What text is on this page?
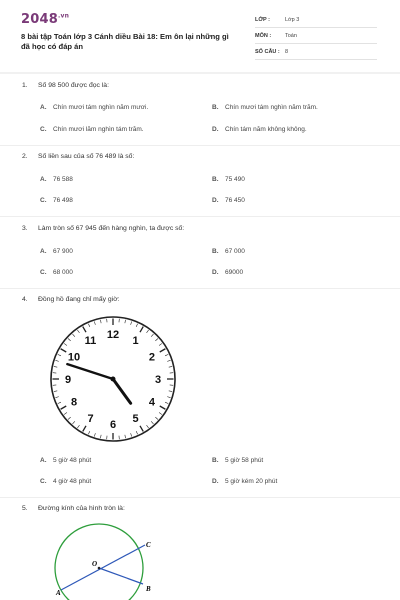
$2048^{.vn}$
8 bài tập Toán lớp 3 Cánh diều Bài 18: Em ôn lại những gì đã học có đáp án
LỚP :	Lớp 3
MÔN :	Toán
SỐ CÂU : 8
1. Số 98 500 được đọc là:
A. Chín mươi tám nghìn năm mươi.	B. Chín mươi tám nghìn năm trăm.
C. Chín mươi lăm nghìn tám trăm.	D. Chín tám năm không không.
2. Số liền sau của số 76 489 là số:
A. 76 588	B. 75 490
C. 76 498	D. 76 450
3. Làm tròn số 67 945 đến hàng nghìn, ta được số:
A. 67 900	B. 67 000
C. 68 000	D. 69000
4. Đồng hồ đang chỉ mấy giờ:
12
1
2
3
4
5
6
7
8
9
10
11
A. 5 giờ 48 phút	B. 5 giờ 58 phút
C. 4 giờ 48 phút	D. 5 giờ kém 20 phút
5. Đường kính của hình tròn là:
O
A	B
C
